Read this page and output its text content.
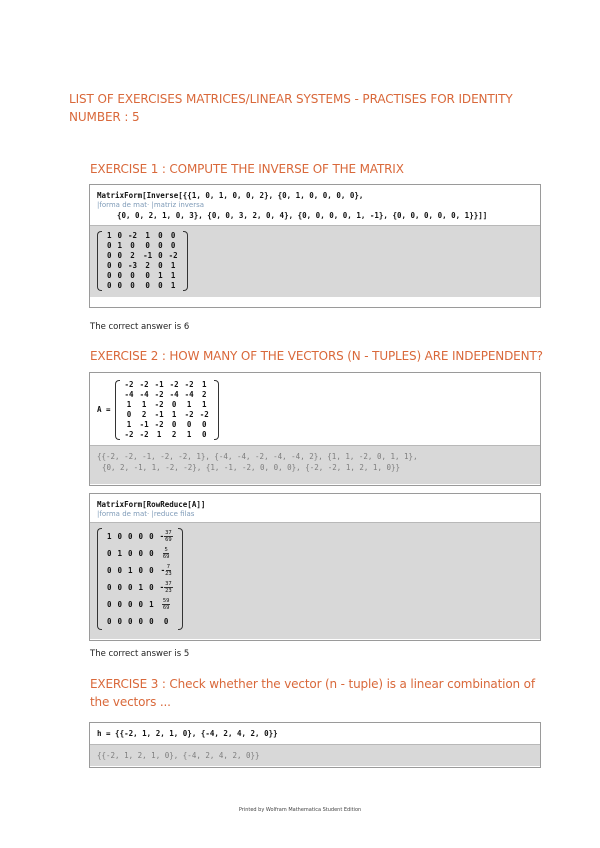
LIST OF EXERCISES MATRICES/LINEAR SYSTEMS - PRACTISES FOR IDENTITY NUMBER : 5
EXERCISE 1 : COMPUTE THE INVERSE OF THE MATRIX
MatrixForm[Inverse[{{1, 0, 1, 0, 0, 2}, {0, 1, 0, 0, 0, 0},
|forma de mat· |matriz inversa
{0, 0, 2, 1, 0, 3}, {0, 0, 3, 2, 0, 4}, {0, 0, 0, 0, 1, -1}, {0, 0, 0, 0, 0, 1}}]]
1	0	-2	1	0	0
0	1	0	0	0	0
0	0	2	-1	0	-2
0	0	-3	2	0	1
0	0	0	0	1	1
0	0	0	0	0	1
The correct answer is 6
EXERCISE 2 : HOW MANY OF THE VECTORS (N - TUPLES) ARE INDEPENDENT?
A =
-2	-2	-1	-2	-2	1
-4	-4	-2	-4	-4	2
1	1	-2	0	1	1
0	2	-1	1	-2	-2
1	-1	-2	0	0	0
-2	-2	1	2	1	0
{{-2, -2, -1, -2, -2, 1}, {-4, -4, -2, -4, -4, 2}, {1, 1, -2, 0, 1, 1},
{0, 2, -1, 1, -2, -2}, {1, -1, -2, 0, 0, 0}, {-2, -2, 1, 2, 1, 0}}
MatrixForm[RowReduce[A]]
|forma de mat· |reduce filas
1	0	0	0	0	- $\frac{37}{69}$

0	1	0	0	0	$\frac{5}{69}$

0	0	1	0	0	- $\frac{7}{23}$

0	0	0	1	0	- $\frac{37}{23}$

0	0	0	0	1	$\frac{59}{69}$

0	0	0	0	0	0
The correct answer is 5
EXERCISE 3 : Check whether the vector (n - tuple) is a linear combination of the vectors ...
h = {{-2, 1, 2, 1, 0}, {-4, 2, 4, 2, 0}}
{{-2, 1, 2, 1, 0}, {-4, 2, 4, 2, 0}}
Printed by Wolfram Mathematica Student Edition
